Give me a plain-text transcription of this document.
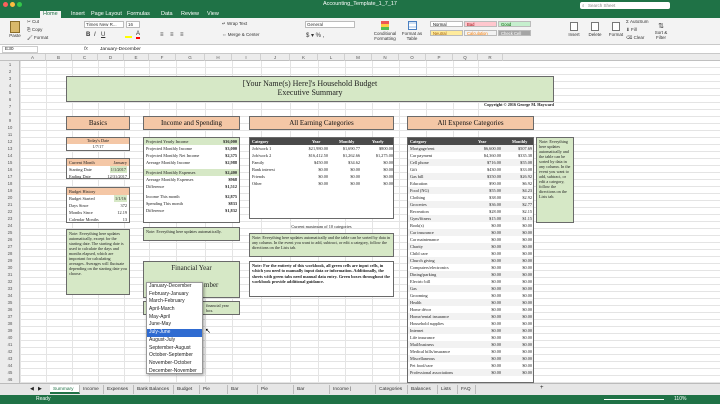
Accounting_Template_1_7_17	⌕ Search Sheet
Home	Insert	Page Layout Formulas	Data	Review	View
Paste
✂ Cut
⎘ Copy
🖌 Format
Times New R...	16
B I U	A	≡ ≡ ≡
↵ Wrap Text
⇔ Merge & Center
General
$ ▾ % ,	Conditional Formatting
Format as Table
Normal	Bad	Good
Neutral	Calculation	Check Cell	Insert	Delete	Format
Σ AutoSum
⬇ Fill
⌫ Clear
⇅
Sort & Filter
E30	fx	January-December
A	B	C	D	E	F	G	H	I	J	K	L	M	N	O	P	Q	R
1
2
3
4
5
6
7
8
9
10
11
12
13
14
15
16
17
18
19
20
21
22
23
24
25
26
27
28
29
30
31
32
33
34
35
36
37
38
39
40
41
42
43
44
45
46
[Your Name(s) Here]'s Household Budget
Executive Summary
Copyright © 2016 George M. Hayward
Basics
Today's Date
1/7/17
Current Month	January
Starting Date	1/1/2017
Ending Date	12/31/2017
Budget History
Budget Started	1/1/16
Days Since	372
Months Since	12.19
Calendar Months	13
Note: Everything here updates automatically, except for the starting date. The starting date is used to calculate the days and months elapsed, which are important for calculating averages. Averages will fluctuate depending on the starting date you choose.
Income and Spending
Projected Yearly Income	$36,000
Projected Monthly Income	$3,000
Projected Monthly Net Income	$2,375
Average Monthly Income	$2,988
Projected Monthly Expenses	$2,400
Average Monthly Expenses	$968
Difference	$1,512
Income This month	$2,875
Spending This month	$833
Difference	$1,832
Note: Everything here updates automatically.
Financial Year
mber
financial year box.
All Earning Categories
Category	Year	Monthly	Yearly
Job/work 1	$21,980.00	$1,690.77	$800.00
Job/work 2	$16,412.50	$1,262.66	$1,275.00
Family	$450.00	$34.62	$0.00
Bank interest	$0.00	$0.00	$0.00
Friends	$0.00	$0.00	$0.00
Other	$0.00	$0.00	$0.00
Current maximum of 10 categories
Note: Everything here updates automatically and the table can be sorted by data in any column. In the event you want to add, subtract, or edit a category, follow the directions on the Lists tab.
Note: For the entirety of this workbook, all green cells are input cells, in which you need to manually input data or information. Additionally, the sheets with green tabs need manual data entry. Green boxes throughout the workbook provide additional guidance.
All Expense Categories
Category	Year	Monthly
Mortgage/rent	$6,600.00	$507.69
Car payment	$4,360.00	$335.38
Cell phone	$716.00	$55.08
Gift	$430.00	$33.08
Gas bill	$350.00	$26.92
Education	$90.00	$6.92
Food (NG)	$55.00	$4.23
Clothing	$38.00	$2.92
Groceries	$36.00	$2.77
Recreation	$28.00	$2.15
Gym/fitness	$15.00	$1.15
Book(s)	$0.00	$0.00
Car insurance	$0.00	$0.00
Car maintenance	$0.00	$0.00
Charity	$0.00	$0.00
Child care	$0.00	$0.00
Church giving	$0.00	$0.00
Computers/electronics	$0.00	$0.00
Dining/parking	$0.00	$0.00
Electric bill	$0.00	$0.00
Gas	$0.00	$0.00
Grooming	$0.00	$0.00
Health	$0.00	$0.00
Home décor	$0.00	$0.00
Home/rental insurance	$0.00	$0.00
Household supplies	$0.00	$0.00
Internet	$0.00	$0.00
Life insurance	$0.00	$0.00
Mail/business	$0.00	$0.00
Medical bills/insurance	$0.00	$0.00
Miscellaneous	$0.00	$0.00
Pet food/care	$0.00	$0.00
Professional associations	$0.00	$0.00
Note: Everything here updates automatically and the table can be sorted by data in any column. In the event you want to add, subtract, or edit a category, follow the directions on the Lists tab.
January-December
February-January
March-February
April-March
May-April
June-May
July-June
August-July
September-August
October-September
November-October
December-November
↖
◀ ▶	Summary	Income	Expenses	Bank Balances	Budget	Pie	Bar	Pie	Bar	Income |	Categories	Balances	Lists	FAQ	+
Ready	110%
